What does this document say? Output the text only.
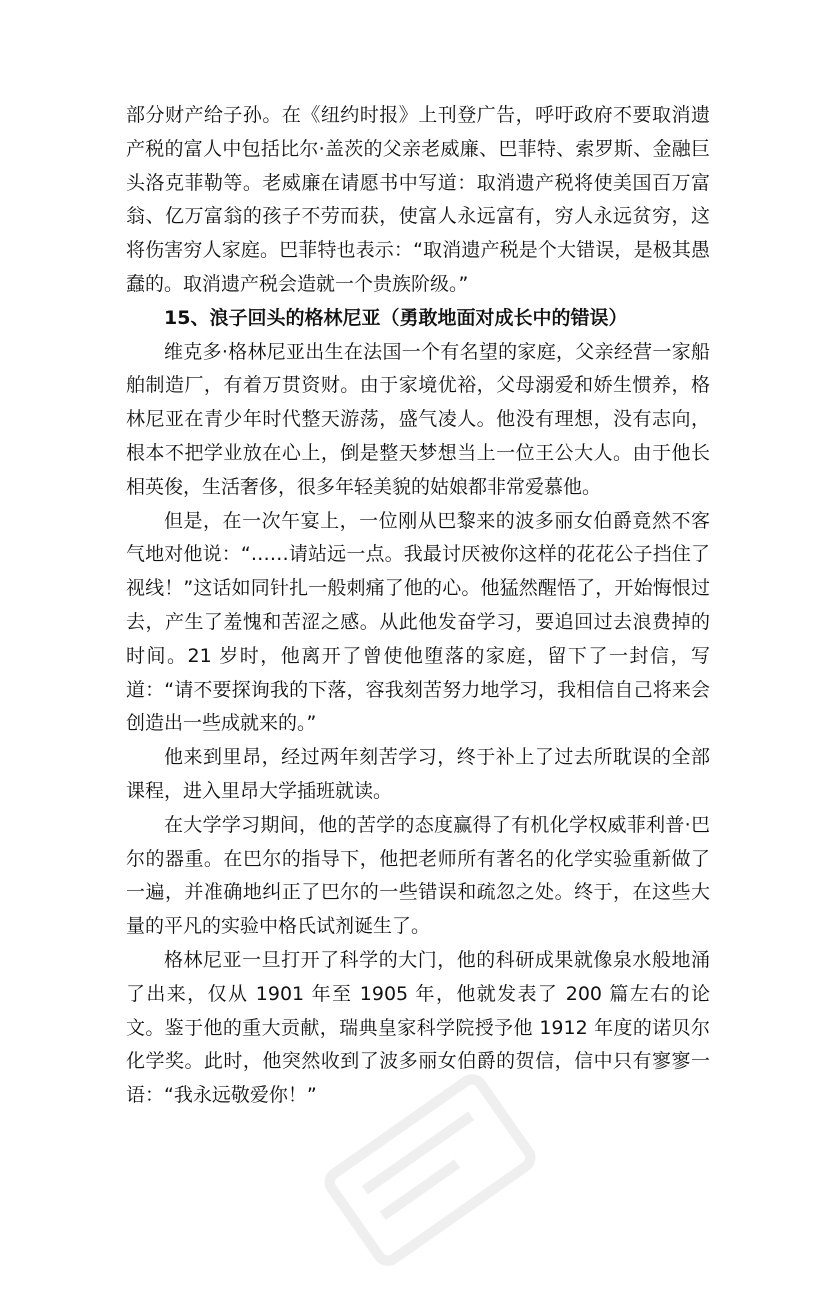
部分财产给子孙。在《纽约时报》上刊登广告，呼吁政府不要取消遗产税的富人中包括比尔·盖茨的父亲老威廉、巴菲特、索罗斯、金融巨头洛克菲勒等。老威廉在请愿书中写道：取消遗产税将使美国百万富翁、亿万富翁的孩子不劳而获，使富人永远富有，穷人永远贫穷，这将伤害穷人家庭。巴菲特也表示：“取消遗产税是个大错误，是极其愚蠢的。取消遗产税会造就一个贵族阶级。”

15、浪子回头的格林尼亚（勇敢地面对成长中的错误）

维克多·格林尼亚出生在法国一个有名望的家庭，父亲经营一家船舶制造厂，有着万贯资财。由于家境优裕，父母溺爱和娇生惯养，格林尼亚在青少年时代整天游荡，盛气凌人。他没有理想，没有志向，根本不把学业放在心上，倒是整天梦想当上一位王公大人。由于他长相英俊，生活奢侈，很多年轻美貌的姑娘都非常爱慕他。

但是，在一次午宴上，一位刚从巴黎来的波多丽女伯爵竟然不客气地对他说：“……请站远一点。我最讨厌被你这样的花花公子挡住了视线！”这话如同针扎一般刺痛了他的心。他猛然醒悟了，开始悔恨过去，产生了羞愧和苦涩之感。从此他发奋学习，要追回过去浪费掉的时间。21 岁时，他离开了曾使他堕落的家庭，留下了一封信，写道：“请不要探询我的下落，容我刻苦努力地学习，我相信自己将来会创造出一些成就来的。”

他来到里昂，经过两年刻苦学习，终于补上了过去所耽误的全部课程，进入里昂大学插班就读。

在大学学习期间，他的苦学的态度赢得了有机化学权威菲利普·巴尔的器重。在巴尔的指导下，他把老师所有著名的化学实验重新做了一遍，并准确地纠正了巴尔的一些错误和疏忽之处。终于，在这些大量的平凡的实验中格氏试剂诞生了。

格林尼亚一旦打开了科学的大门，他的科研成果就像泉水般地涌了出来，仅从 1901 年至 1905 年，他就发表了 200 篇左右的论文。鉴于他的重大贡献，瑞典皇家科学院授予他 1912 年度的诺贝尔化学奖。此时，他突然收到了波多丽女伯爵的贺信，信中只有寥寥一语：“我永远敬爱你！”
